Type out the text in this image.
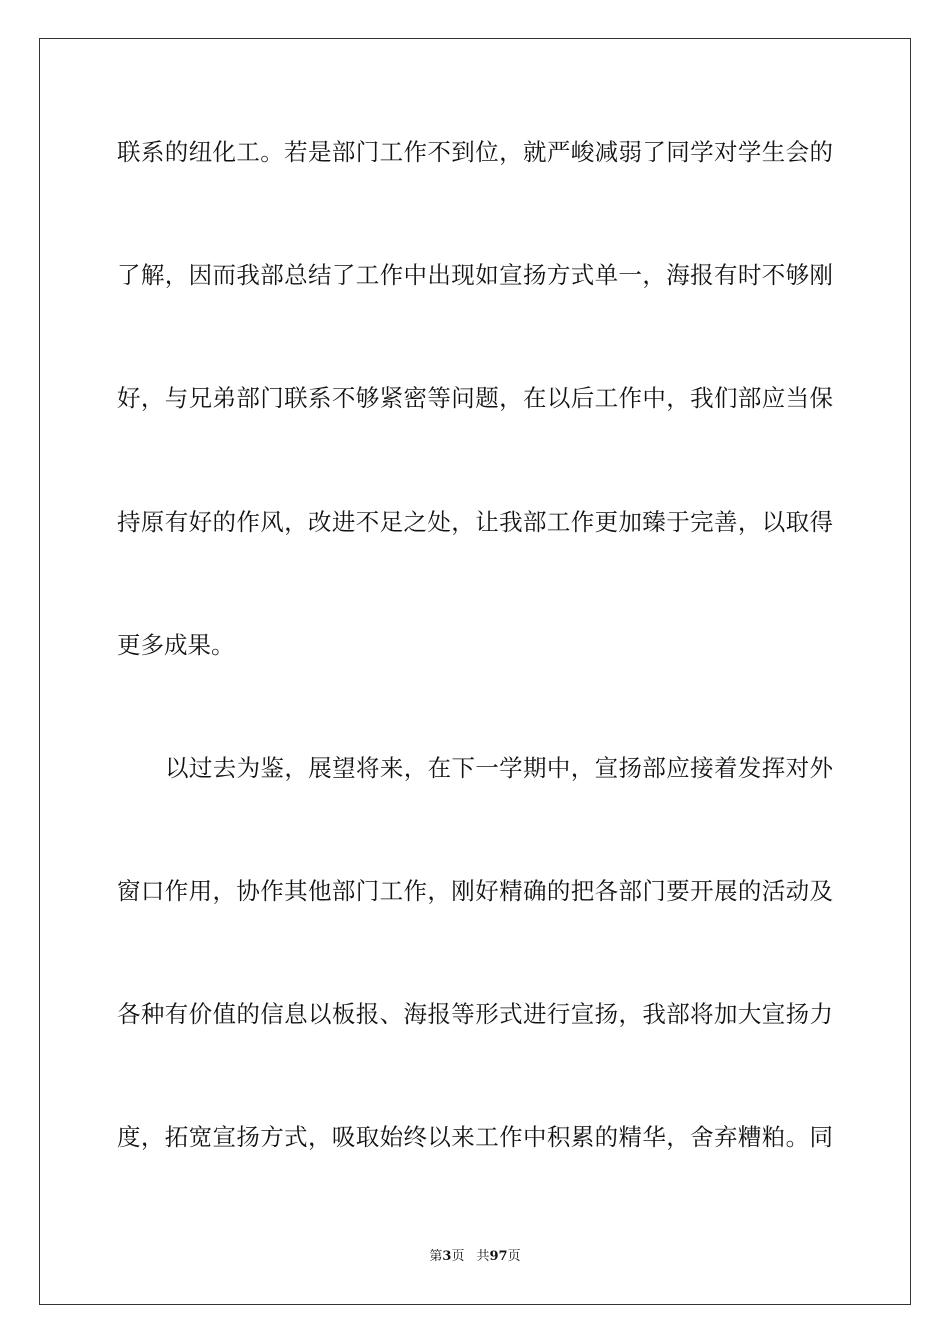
联系的纽化工。若是部门工作不到位，就严峻减弱了同学对学生会的
了解，因而我部总结了工作中出现如宣扬方式单一，海报有时不够刚
好，与兄弟部门联系不够紧密等问题，在以后工作中，我们部应当保
持原有好的作风，改进不足之处，让我部工作更加臻于完善，以取得
更多成果。
以过去为鉴，展望将来，在下一学期中，宣扬部应接着发挥对外
窗口作用，协作其他部门工作，刚好精确的把各部门要开展的活动及
各种有价值的信息以板报、海报等形式进行宣扬，我部将加大宣扬力
度，拓宽宣扬方式，吸取始终以来工作中积累的精华，舍弃糟粕。同
第3页 共97页
